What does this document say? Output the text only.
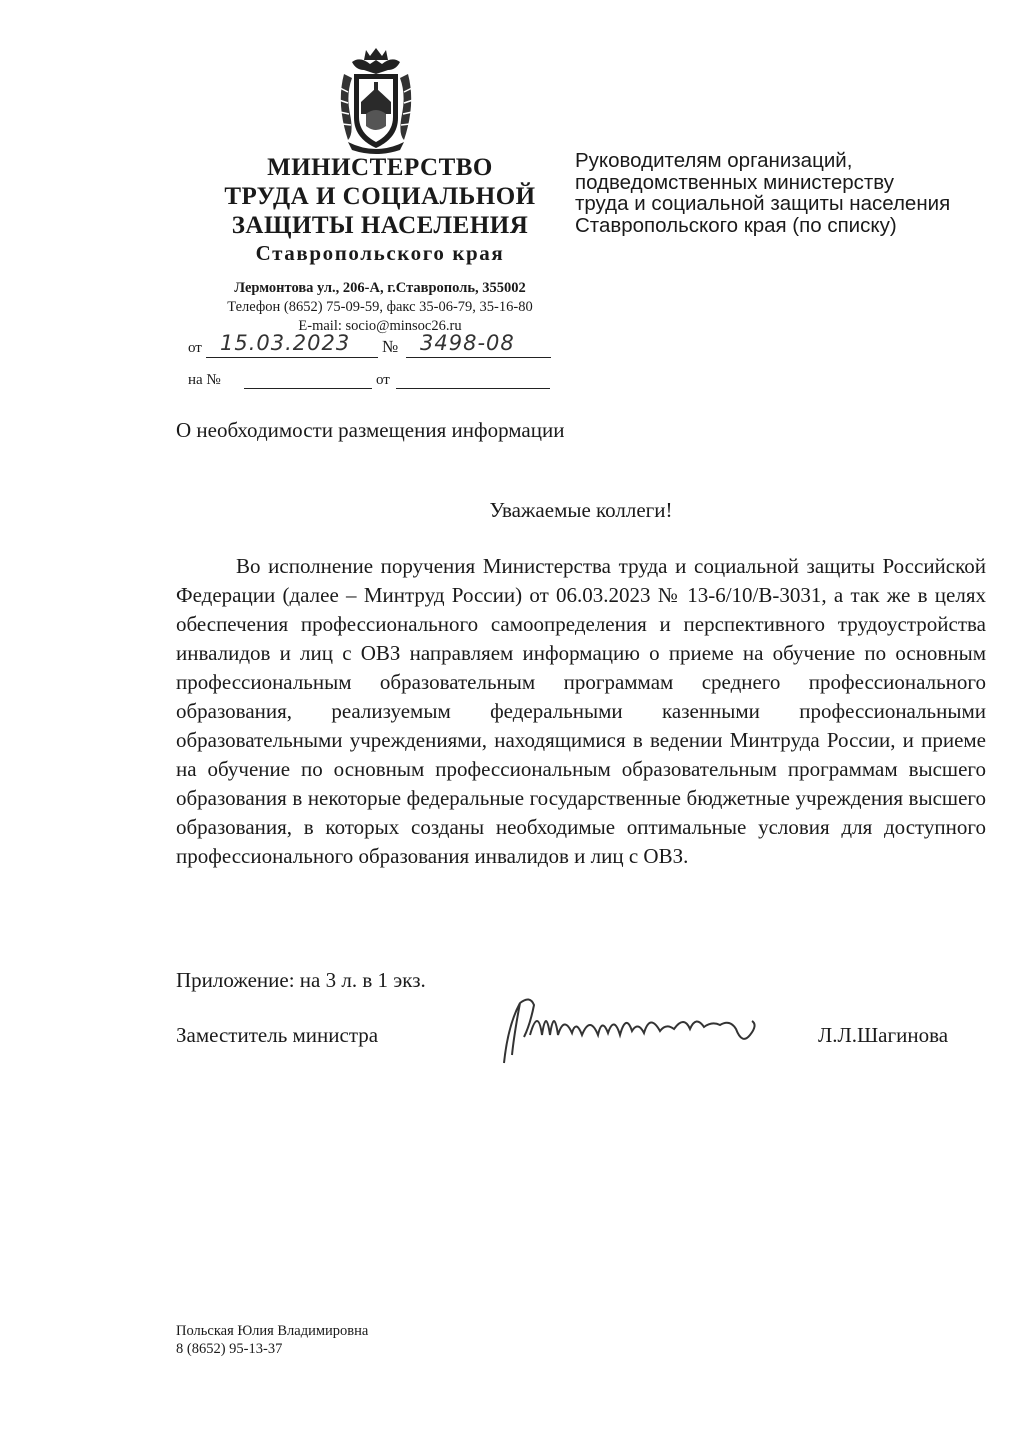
МИНИСТЕРСТВО
ТРУДА И СОЦИАЛЬНОЙ
ЗАЩИТЫ НАСЕЛЕНИЯ
Ставропольского края
Лермонтова ул., 206-А, г.Ставрополь, 355002
Телефон (8652) 75-09-59, факс 35-06-79, 35-16-80
E-mail: socio@minsoc26.ru
от 15.03.2023 № 3498-08
на №	от
Руководителям организаций,
подведомственных министерству
труда и социальной защиты населения
Ставропольского края (по списку)
О необходимости размещения информации
Уважаемые коллеги!
Во исполнение поручения Министерства труда и социальной защиты Российской Федерации (далее – Минтруд России) от 06.03.2023 № 13-6/10/В-3031, а так же в целях обеспечения профессионального самоопределения и перспективного трудоустройства инвалидов и лиц с ОВЗ направляем информацию о приеме на обучение по основным профессиональным образовательным программам среднего профессионального образования, реализуемым федеральными казенными профессиональными образовательными учреждениями, находящимися в ведении Минтруда России, и приеме на обучение по основным профессиональным образовательным программам высшего образования в некоторые федеральные государственные бюджетные учреждения высшего образования, в которых созданы необходимые оптимальные условия для доступного профессионального образования инвалидов и лиц с ОВЗ.
Приложение: на 3 л. в 1 экз.
Заместитель министра	Л.Л.Шагинова
Польская Юлия Владимировна
8 (8652) 95-13-37
